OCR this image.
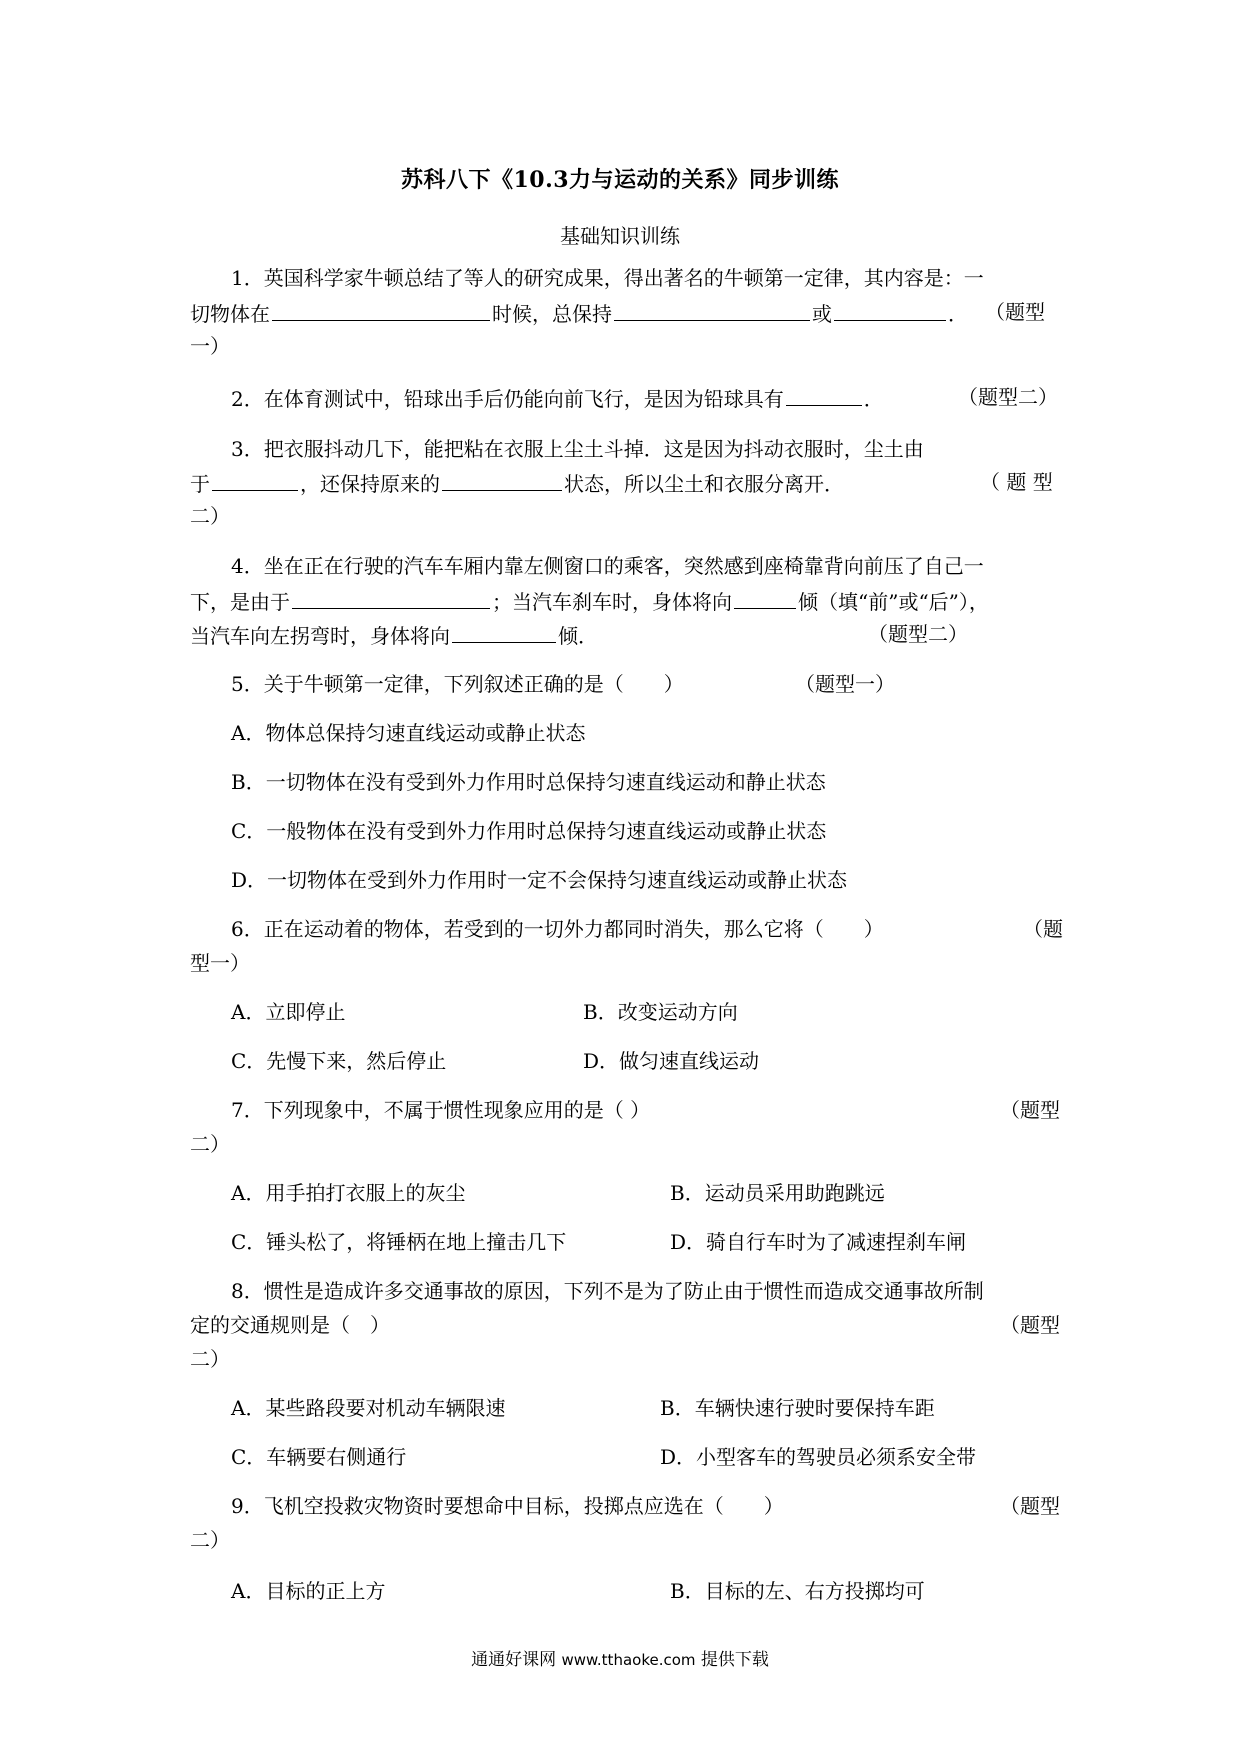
苏科八下《10.3力与运动的关系》同步训练
基础知识训练
1．英国科学家牛顿总结了等人的研究成果，得出著名的牛顿第一定律，其内容是：一
切物体在	时候，总保持	或	． （题型
一）
2．在体育测试中，铅球出手后仍能向前飞行，是因为铅球具有	．	（题型二）
3．把衣服抖动几下，能把粘在衣服上尘土斗掉．这是因为抖动衣服时，尘土由
于	，还保持原来的	状态，所以尘土和衣服分离开．	（ 题 型
二）
4．坐在正在行驶的汽车车厢内靠左侧窗口的乘客，突然感到座椅靠背向前压了自己一
下，是由于	；当汽车刹车时，身体将向	倾（填“前”或“后”），
当汽车向左拐弯时，身体将向	倾．	（题型二）
5．关于牛顿第一定律，下列叙述正确的是（　　）	（题型一）
A．物体总保持匀速直线运动或静止状态
B．一切物体在没有受到外力作用时总保持匀速直线运动和静止状态
C．一般物体在没有受到外力作用时总保持匀速直线运动或静止状态
D．一切物体在受到外力作用时一定不会保持匀速直线运动或静止状态
6．正在运动着的物体，若受到的一切外力都同时消失，那么它将（　　）	（题
型一）
A．立即停止	B．改变运动方向
C．先慢下来，然后停止	D．做匀速直线运动
7．下列现象中，不属于惯性现象应用的是（ ）	（题型
二）
A．用手拍打衣服上的灰尘	B．运动员采用助跑跳远
C．锤头松了，将锤柄在地上撞击几下	D．骑自行车时为了减速捏刹车闸
8．惯性是造成许多交通事故的原因，下列不是为了防止由于惯性而造成交通事故所制
定的交通规则是（　）	（题型
二）
A．某些路段要对机动车辆限速	B．车辆快速行驶时要保持车距
C．车辆要右侧通行	D．小型客车的驾驶员必须系安全带
9．飞机空投救灾物资时要想命中目标，投掷点应选在（　　）	（题型
二）
A．目标的正上方	B．目标的左、右方投掷均可
通通好课网 www.tthaoke.com 提供下载
